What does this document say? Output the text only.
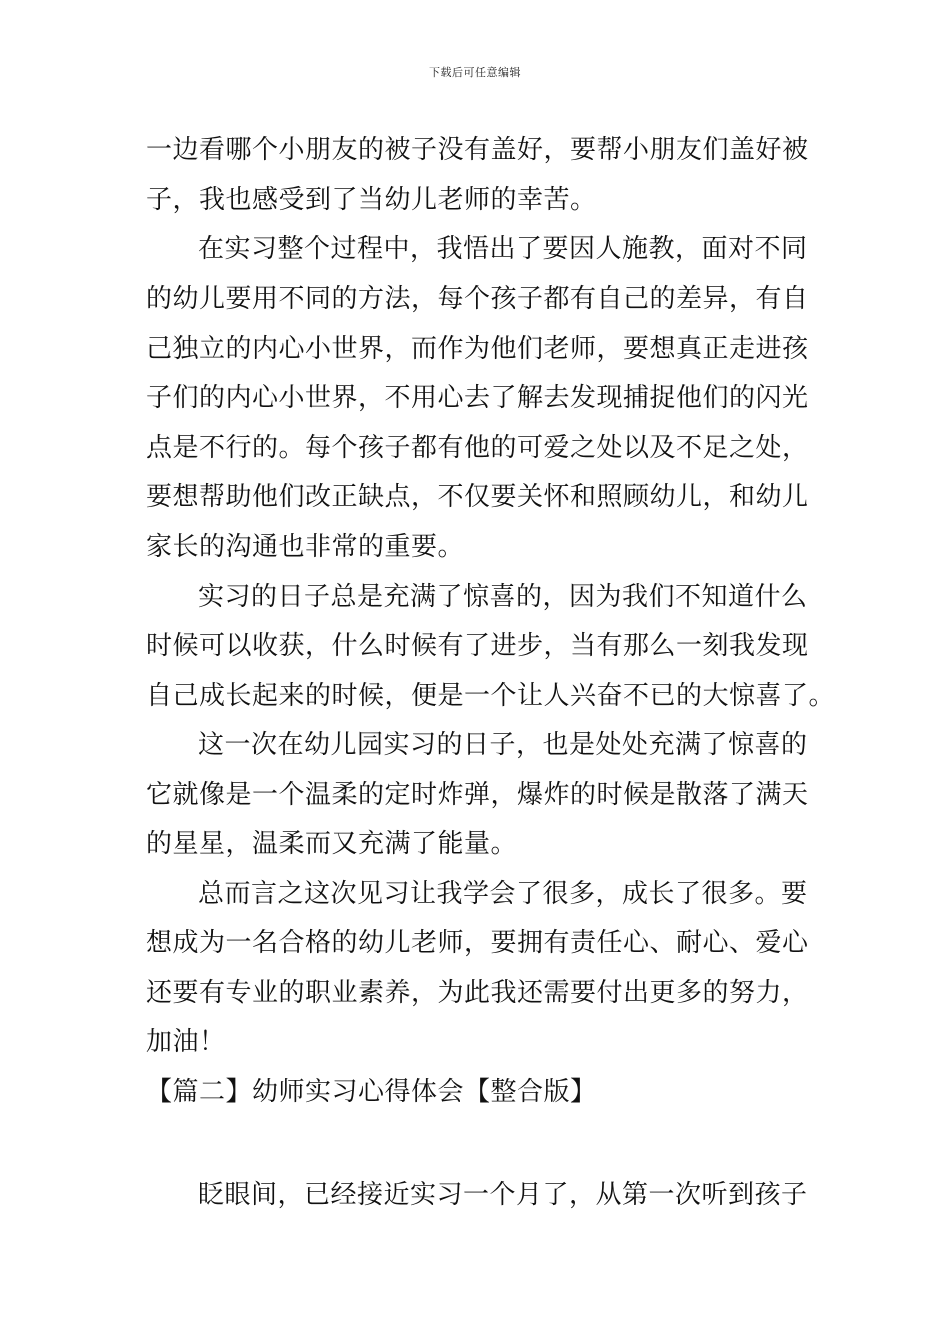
下载后可任意编辑
一边看哪个小朋友的被子没有盖好，要帮小朋友们盖好被
子，我也感受到了当幼儿老师的幸苦。
在实习整个过程中，我悟出了要因人施教，面对不同
的幼儿要用不同的方法，每个孩子都有自己的差异，有自
己独立的内心小世界，而作为他们老师，要想真正走进孩
子们的内心小世界，不用心去了解去发现捕捉他们的闪光
点是不行的。每个孩子都有他的可爱之处以及不足之处，
要想帮助他们改正缺点，不仅要关怀和照顾幼儿，和幼儿
家长的沟通也非常的重要。
实习的日子总是充满了惊喜的，因为我们不知道什么
时候可以收获，什么时候有了进步，当有那么一刻我发现
自己成长起来的时候，便是一个让人兴奋不已的大惊喜了。
这一次在幼儿园实习的日子，也是处处充满了惊喜的
它就像是一个温柔的定时炸弹，爆炸的时候是散落了满天
的星星，温柔而又充满了能量。
总而言之这次见习让我学会了很多，成长了很多。要
想成为一名合格的幼儿老师，要拥有责任心、耐心、爱心
还要有专业的职业素养，为此我还需要付出更多的努力，
加油！
【篇二】幼师实习心得体会【整合版】
眨眼间，已经接近实习一个月了，从第一次听到孩子
